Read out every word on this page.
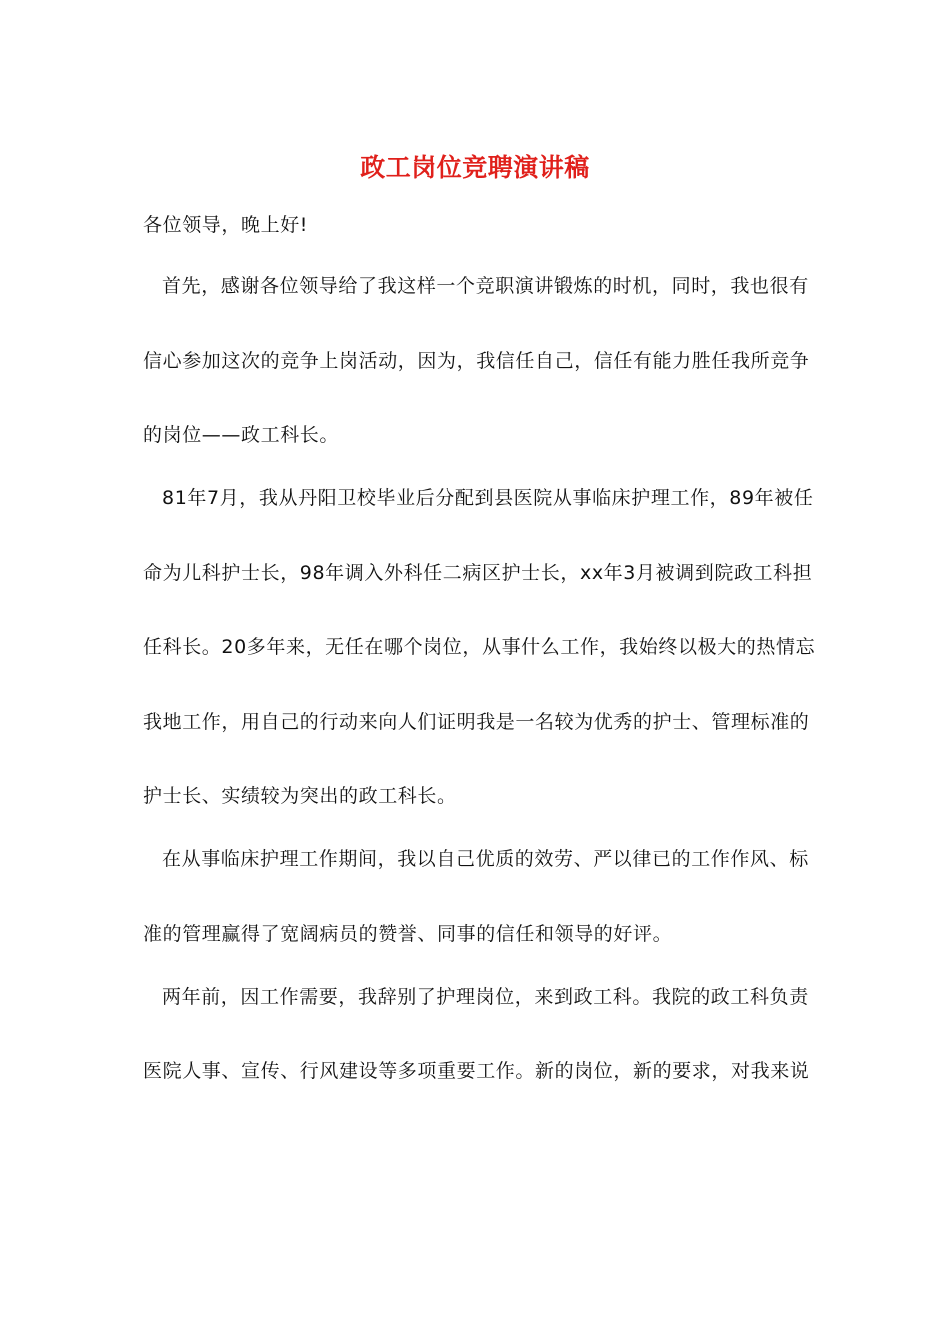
政工岗位竞聘演讲稿
各位领导，晚上好!
首先，感谢各位领导给了我这样一个竞职演讲锻炼的时机，同时，我也很有
信心参加这次的竞争上岗活动，因为，我信任自己，信任有能力胜任我所竞争
的岗位——政工科长。
81年7月，我从丹阳卫校毕业后分配到县医院从事临床护理工作，89年被任
命为儿科护士长，98年调入外科任二病区护士长，xx年3月被调到院政工科担
任科长。20多年来，无任在哪个岗位，从事什么工作，我始终以极大的热情忘
我地工作，用自己的行动来向人们证明我是一名较为优秀的护士、管理标准的
护士长、实绩较为突出的政工科长。
在从事临床护理工作期间，我以自己优质的效劳、严以律已的工作作风、标
准的管理赢得了宽阔病员的赞誉、同事的信任和领导的好评。
两年前，因工作需要，我辞别了护理岗位，来到政工科。我院的政工科负责
医院人事、宣传、行风建设等多项重要工作。新的岗位，新的要求，对我来说
